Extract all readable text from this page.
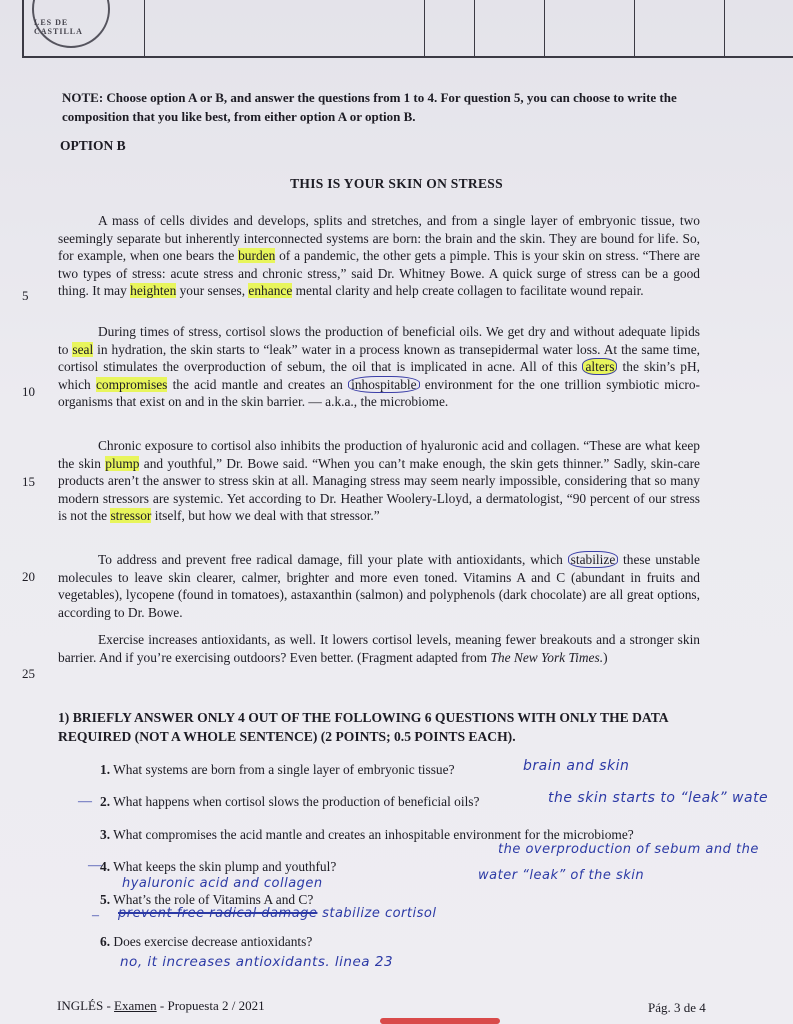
LES DE CASTILLA
NOTE: Choose option A or B, and answer the questions from 1 to 4. For question 5, you can choose to write the composition that you like best, from either option A or option B.
OPTION B
THIS IS YOUR SKIN ON STRESS
A mass of cells divides and develops, splits and stretches, and from a single layer of embryonic tissue, two seemingly separate but inherently interconnected systems are born: the brain and the skin. They are bound for life. So, for example, when one bears the burden of a pandemic, the other gets a pimple. This is your skin on stress. “There are two types of stress: acute stress and chronic stress,” said Dr. Whitney Bowe. A quick surge of stress can be a good thing. It may heighten your senses, enhance mental clarity and help create collagen to facilitate wound repair.
During times of stress, cortisol slows the production of beneficial oils. We get dry and without adequate lipids to seal in hydration, the skin starts to “leak” water in a process known as transepidermal water loss. At the same time, cortisol stimulates the overproduction of sebum, the oil that is implicated in acne. All of this alters the skin’s pH, which compromises the acid mantle and creates an inhospitable environment for the one trillion symbiotic micro-organisms that exist on and in the skin barrier. — a.k.a., the microbiome.
Chronic exposure to cortisol also inhibits the production of hyaluronic acid and collagen. “These are what keep the skin plump and youthful,” Dr. Bowe said. “When you can’t make enough, the skin gets thinner.” Sadly, skin-care products aren’t the answer to stress skin at all. Managing stress may seem nearly impossible, considering that so many modern stressors are systemic. Yet according to Dr. Heather Woolery-Lloyd, a dermatologist, “90 percent of our stress is not the stressor itself, but how we deal with that stressor.”
To address and prevent free radical damage, fill your plate with antioxidants, which stabilize these unstable molecules to leave skin clearer, calmer, brighter and more even toned. Vitamins A and C (abundant in fruits and vegetables), lycopene (found in tomatoes), astaxanthin (salmon) and polyphenols (dark chocolate) are all great options, according to Dr. Bowe.
Exercise increases antioxidants, as well. It lowers cortisol levels, meaning fewer breakouts and a stronger skin barrier. And if you’re exercising outdoors? Even better. (Fragment adapted from The New York Times.)
5
10
15
20
25
1) BRIEFLY ANSWER ONLY 4 OUT OF THE FOLLOWING 6 QUESTIONS WITH ONLY THE DATA REQUIRED (NOT A WHOLE SENTENCE) (2 POINTS; 0.5 POINTS EACH).
1. What systems are born from a single layer of embryonic tissue?	brain and skin
— 2. What happens when cortisol slows the production of beneficial oils?	the skin starts to “leak” wate
3. What compromises the acid mantle and creates an inhospitable environment for the microbiome?
the overproduction of sebum and the
—
4. What keeps the skin plump and youthful?
hyaluronic acid and collagen
water “leak” of the skin
5. What’s the role of Vitamins A and C?
– prevent free radical damage stabilize cortisol
6. Does exercise decrease antioxidants?
no, it increases antioxidants. linea 23
INGLÉS - Examen - Propuesta 2 / 2021	Pág. 3 de 4
